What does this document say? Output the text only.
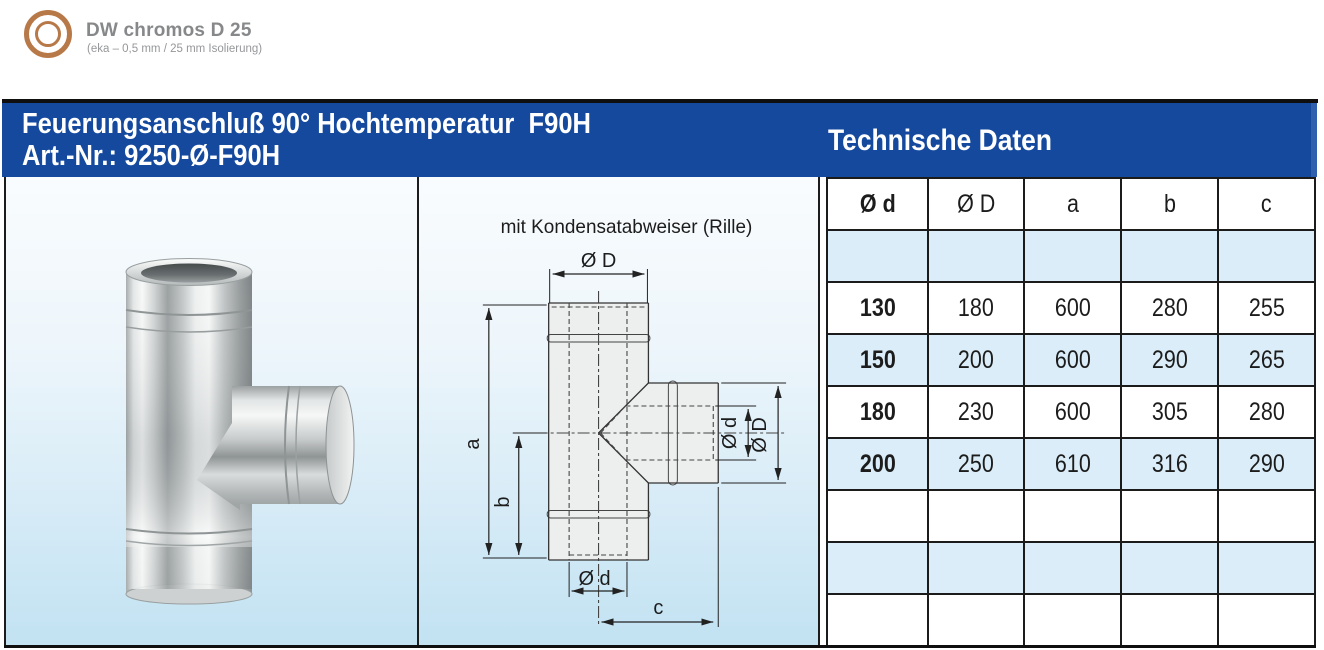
DW chromos D 25
(eka – 0,5 mm / 25 mm Isolierung)
Feuerungsanschluß 90° Hochtemperatur  F90H
Art.-Nr.: 9250-Ø-F90H	Technische Daten
mit Kondensatabweiser (Rille)
Ø D
a
b
Ø d
c
Ø d Ø D
Ø d	Ø D	a	b	c

130	180	600	280	255
150	200	600	290	265
180	230	600	305	280
200	250	610	316	290
